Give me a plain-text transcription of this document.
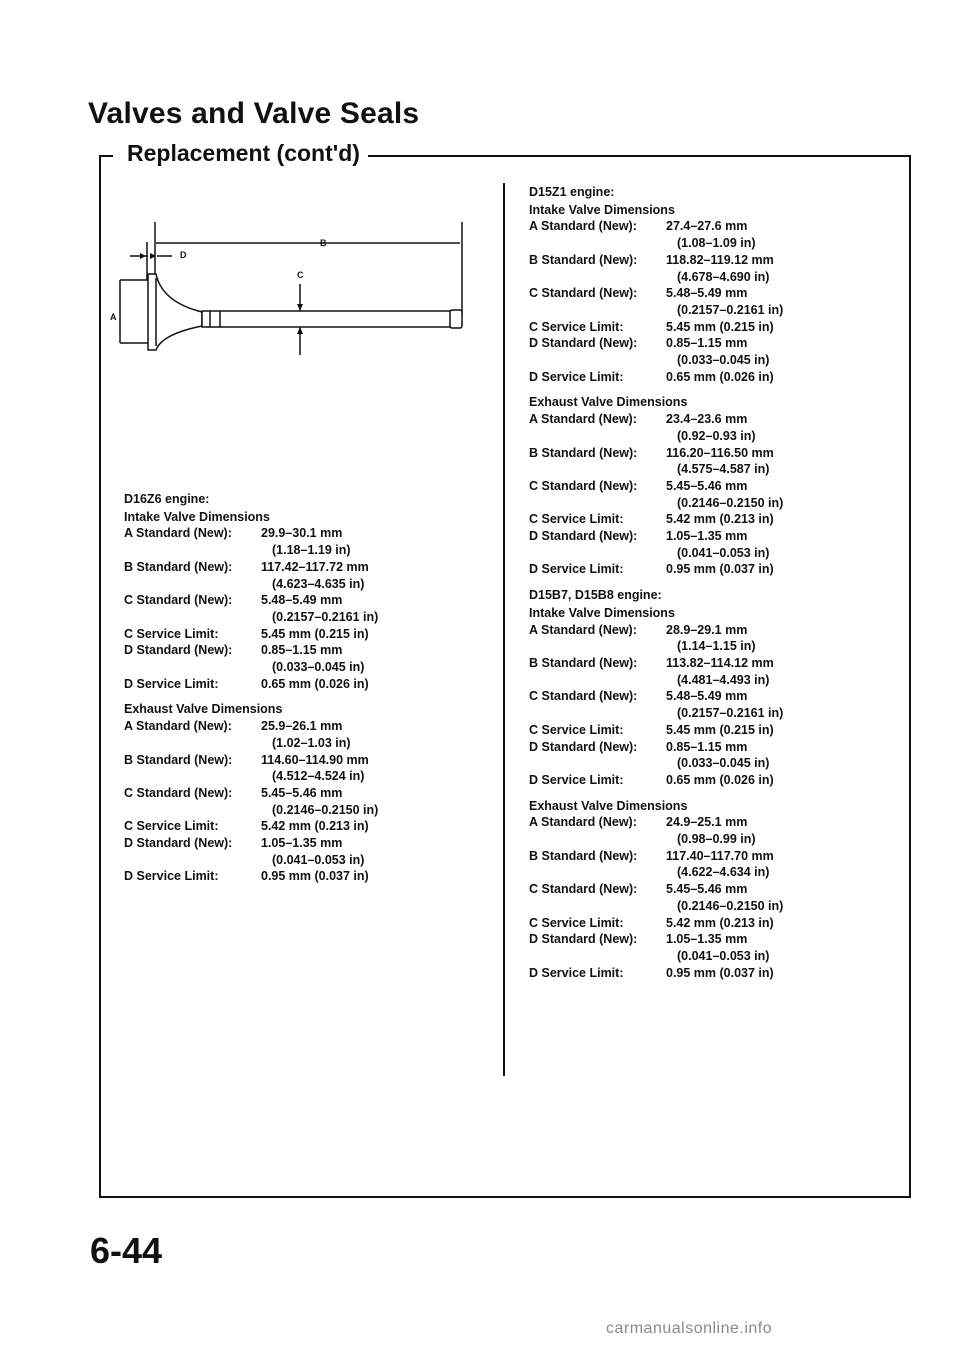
Valves and Valve Seals
Replacement (cont'd)
B
D
C
A
D16Z6 engine:
Intake Valve Dimensions
A Standard (New):	29.9–30.1 mm
(1.18–1.19 in)
B Standard (New):	117.42–117.72 mm
(4.623–4.635 in)
C Standard (New):	5.48–5.49 mm
(0.2157–0.2161 in)
C Service Limit:	5.45 mm (0.215 in)
D Standard (New):	0.85–1.15 mm
(0.033–0.045 in)
D Service Limit:	0.65 mm (0.026 in)
Exhaust Valve Dimensions
A Standard (New):	25.9–26.1 mm
(1.02–1.03 in)
B Standard (New):	114.60–114.90 mm
(4.512–4.524 in)
C Standard (New):	5.45–5.46 mm
(0.2146–0.2150 in)
C Service Limit:	5.42 mm (0.213 in)
D Standard (New):	1.05–1.35 mm
(0.041–0.053 in)
D Service Limit:	0.95 mm (0.037 in)
D15Z1 engine:
Intake Valve Dimensions
A Standard (New):	27.4–27.6 mm
(1.08–1.09 in)
B Standard (New):	118.82–119.12 mm
(4.678–4.690 in)
C Standard (New):	5.48–5.49 mm
(0.2157–0.2161 in)
C Service Limit:	5.45 mm (0.215 in)
D Standard (New):	0.85–1.15 mm
(0.033–0.045 in)
D Service Limit:	0.65 mm (0.026 in)
Exhaust Valve Dimensions
A Standard (New):	23.4–23.6 mm
(0.92–0.93 in)
B Standard (New):	116.20–116.50 mm
(4.575–4.587 in)
C Standard (New):	5.45–5.46 mm
(0.2146–0.2150 in)
C Service Limit:	5.42 mm (0.213 in)
D Standard (New):	1.05–1.35 mm
(0.041–0.053 in)
D Service Limit:	0.95 mm (0.037 in)
D15B7, D15B8 engine:
Intake Valve Dimensions
A Standard (New):	28.9–29.1 mm
(1.14–1.15 in)
B Standard (New):	113.82–114.12 mm
(4.481–4.493 in)
C Standard (New):	5.48–5.49 mm
(0.2157–0.2161 in)
C Service Limit:	5.45 mm (0.215 in)
D Standard (New):	0.85–1.15 mm
(0.033–0.045 in)
D Service Limit:	0.65 mm (0.026 in)
Exhaust Valve Dimensions
A Standard (New):	24.9–25.1 mm
(0.98–0.99 in)
B Standard (New):	117.40–117.70 mm
(4.622–4.634 in)
C Standard (New):	5.45–5.46 mm
(0.2146–0.2150 in)
C Service Limit:	5.42 mm (0.213 in)
D Standard (New):	1.05–1.35 mm
(0.041–0.053 in)
D Service Limit:	0.95 mm (0.037 in)
6-44
carmanualsonline.info
